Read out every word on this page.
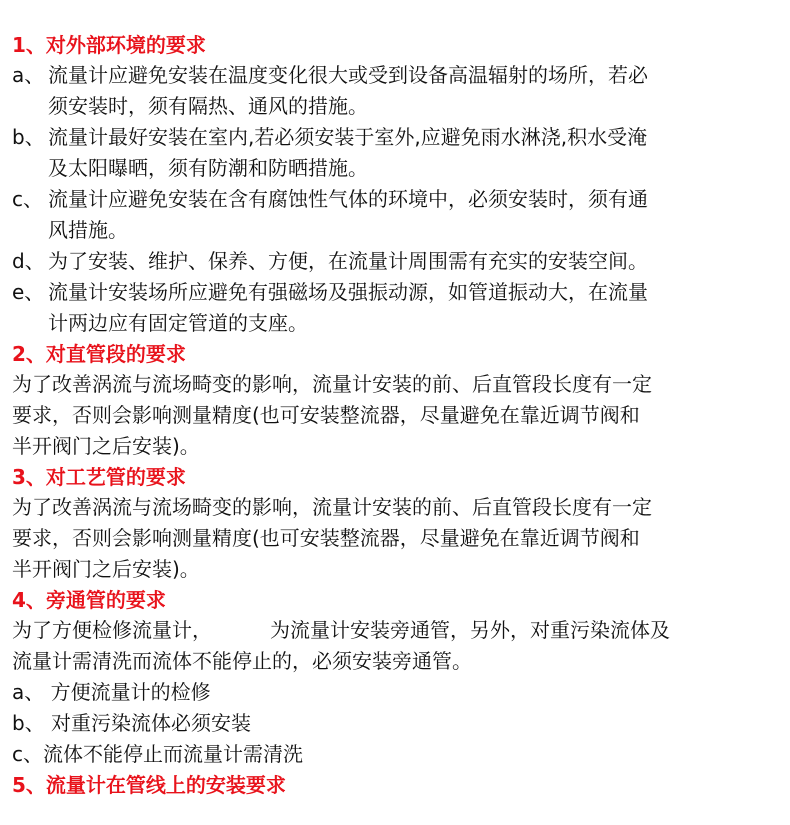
1、对外部环境的要求
a、 流量计应避免安装在温度变化很大或受到设备高温辐射的场所，若必
须安装时，须有隔热、通风的措施。
b、 流量计最好安装在室内,若必须安装于室外,应避免雨水淋浇,积水受淹
及太阳曝晒，须有防潮和防晒措施。
c、 流量计应避免安装在含有腐蚀性气体的环境中，必须安装时，须有通
风措施。
d、 为了安装、维护、保养、方便，在流量计周围需有充实的安装空间。
e、 流量计安装场所应避免有强磁场及强振动源，如管道振动大，在流量
计两边应有固定管道的支座。
2、对直管段的要求
为了改善涡流与流场畸变的影响，流量计安装的前、后直管段长度有一定
要求，否则会影响测量精度(也可安装整流器，尽量避免在靠近调节阀和
半开阀门之后安装)。
3、对工艺管的要求
为了改善涡流与流场畸变的影响，流量计安装的前、后直管段长度有一定
要求，否则会影响测量精度(也可安装整流器，尽量避免在靠近调节阀和
半开阀门之后安装)。
4、旁通管的要求
为了方便检修流量计，	为流量计安装旁通管，另外，对重污染流体及
流量计需清洗而流体不能停止的，必须安装旁通管。
a、 方便流量计的检修
b、 对重污染流体必须安装
c、流体不能停止而流量计需清洗
5、流量计在管线上的安装要求
